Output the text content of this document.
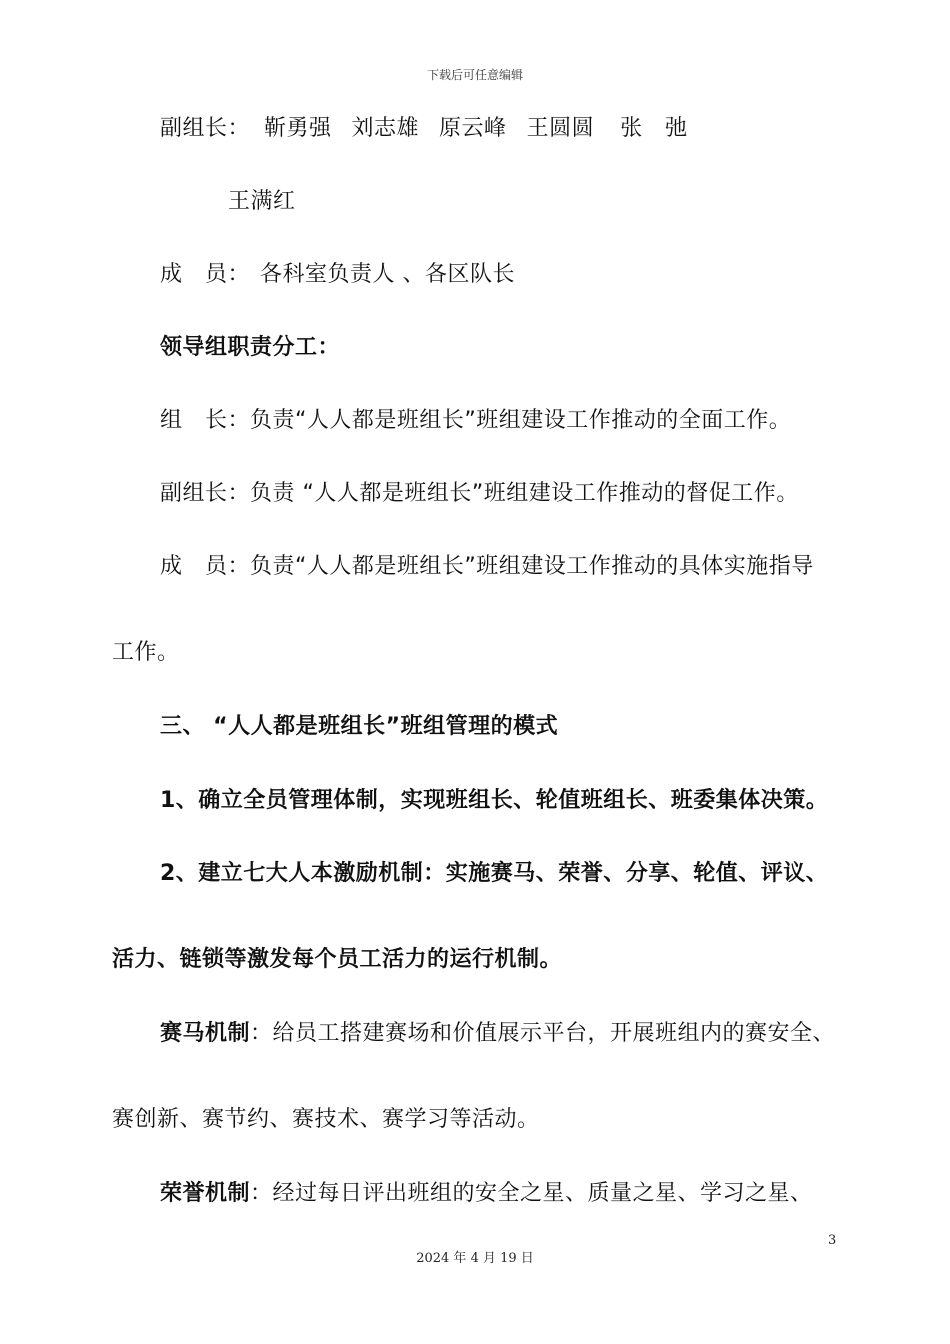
下载后可任意编辑
副组长： 靳勇强 刘志雄 原云峰 王圆圆 张　弛
王满红
成　员： 各科室负责人 、各区队长
领导组职责分工：
组　长：负责“人人都是班组长”班组建设工作推动的全面工作。
副组长：负责 “人人都是班组长”班组建设工作推动的督促工作。
成　员：负责“人人都是班组长”班组建设工作推动的具体实施指导
工作。
三、 “人人都是班组长”班组管理的模式
1、确立全员管理体制，实现班组长、轮值班组长、班委集体决策。
2、建立七大人本激励机制：实施赛马、荣誉、分享、轮值、评议、
活力、链锁等激发每个员工活力的运行机制。
赛马机制：给员工搭建赛场和价值展示平台，开展班组内的赛安全、
赛创新、赛节约、赛技术、赛学习等活动。
荣誉机制：经过每日评出班组的安全之星、质量之星、学习之星、
3
2024 年 4 月 19 日
